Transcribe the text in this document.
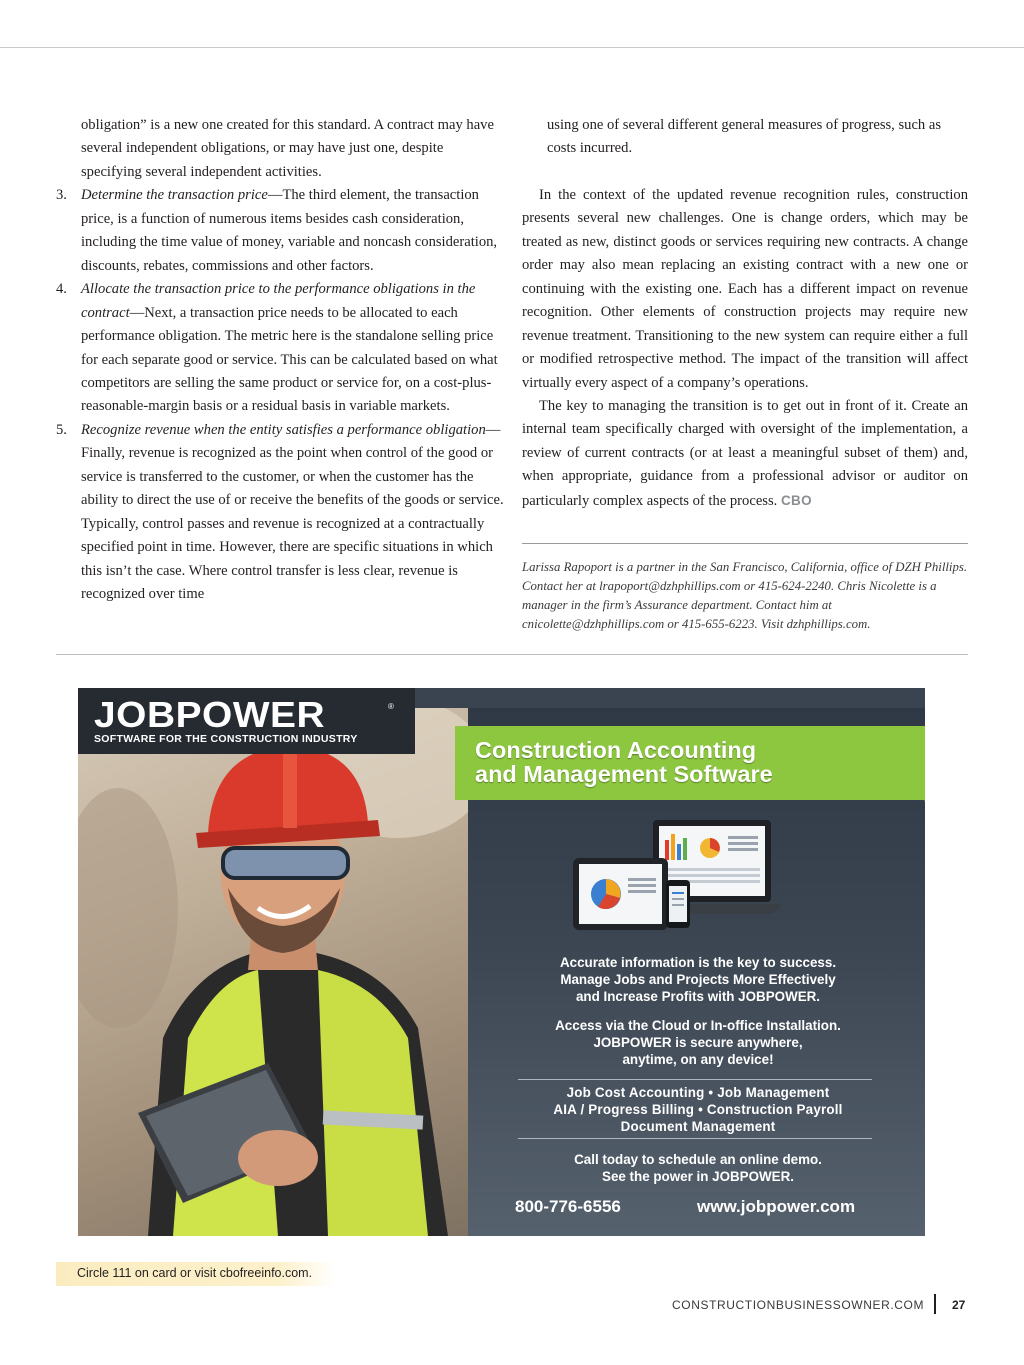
obligation” is a new one created for this standard. A contract may have several independent obligations, or may have just one, despite specifying several independent activities.

3. Determine the transaction price—The third element, the transaction price, is a function of numerous items besides cash consideration, including the time value of money, variable and noncash consideration, discounts, rebates, commissions and other factors.
4. Allocate the transaction price to the performance obligations in the contract—Next, a transaction price needs to be allocated to each performance obligation. The metric here is the standalone selling price for each separate good or service. This can be calculated based on what competitors are selling the same product or service for, on a cost-plus-reasonable-margin basis or a residual basis in variable markets.
5. Recognize revenue when the entity satisfies a performance obligation—Finally, revenue is recognized as the point when control of the good or service is transferred to the customer, or when the customer has the ability to direct the use of or receive the benefits of the goods or service. Typically, control passes and revenue is recognized at a contractually specified point in time. However, there are specific situations in which this isn’t the case. Where control transfer is less clear, revenue is recognized over time

using one of several different general measures of progress, such as costs incurred.

In the context of the updated revenue recognition rules, construction presents several new challenges. One is change orders, which may be treated as new, distinct goods or services requiring new contracts. A change order may also mean replacing an existing contract with a new one or continuing with the existing one. Each has a different impact on revenue recognition. Other elements of construction projects may require new revenue treatment. Transitioning to the new system can require either a full or modified retrospective method. The impact of the transition will affect virtually every aspect of a company’s operations.

The key to managing the transition is to get out in front of it. Create an internal team specifically charged with oversight of the implementation, a review of current contracts (or at least a meaningful subset of them) and, when appropriate, guidance from a professional advisor or auditor on particularly complex aspects of the process. CBO

Larissa Rapoport is a partner in the San Francisco, California, office of DZH Phillips. Contact her at lrapoport@dzhphillips.com or 415-624-2240. Chris Nicolette is a manager in the firm’s Assurance department. Contact him at cnicolette@dzhphillips.com or 415-655-6223. Visit dzhphillips.com.

JOBPOWER	®
SOFTWARE FOR THE CONSTRUCTION INDUSTRY	Construction Accounting
and Management Software
Accurate information is the key to success.
Manage Jobs and Projects More Effectively
and Increase Profits with JOBPOWER.
Access via the Cloud or In-office Installation.
JOBPOWER is secure anywhere,
anytime, on any device!
Job Cost Accounting • Job Management
AIA / Progress Billing • Construction Payroll
Document Management
Call today to schedule an online demo.
See the power in JOBPOWER.
800-776-6556	www.jobpower.com
Circle 111 on card or visit cbofreeinfo.com.
CONSTRUCTIONBUSINESSOWNER.COM 27
